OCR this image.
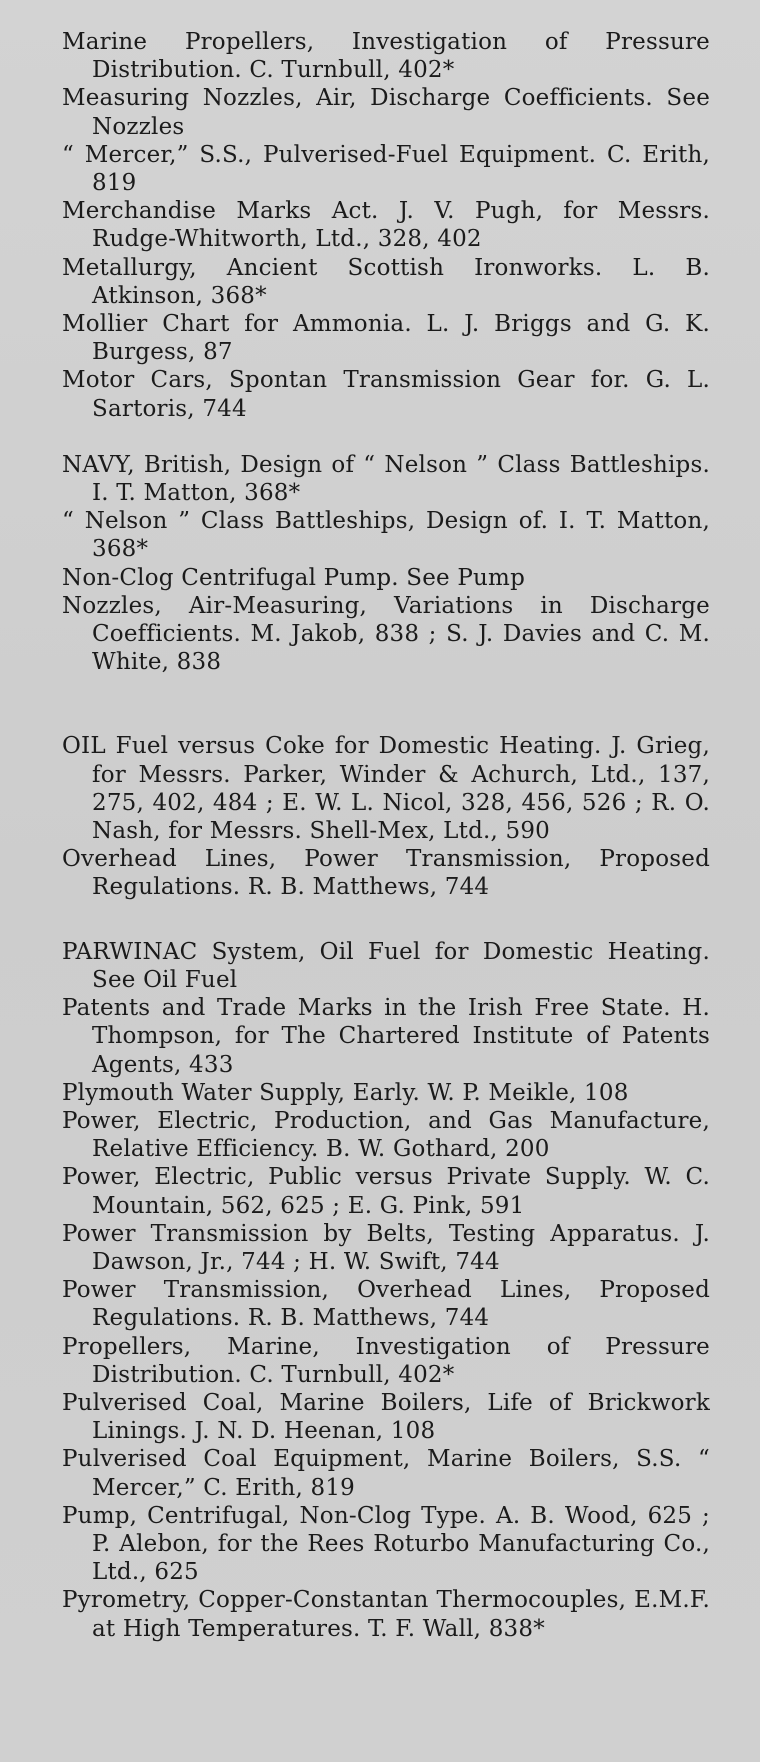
Marine Propellers, Investigation of Pressure Distribution. C. Turnbull, 402*
Measuring Nozzles, Air, Discharge Coefficients. See Nozzles
“ Mercer,” S.S., Pulverised-Fuel Equipment. C. Erith, 819
Merchandise Marks Act. J. V. Pugh, for Messrs. Rudge-Whitworth, Ltd., 328, 402
Metallurgy, Ancient Scottish Ironworks. L. B. Atkinson, 368*
Mollier Chart for Ammonia. L. J. Briggs and G. K. Burgess, 87
Motor Cars, Spontan Transmission Gear for. G. L. Sartoris, 744
NAVY, British, Design of “ Nelson ” Class Battleships. I. T. Matton, 368*
“ Nelson ” Class Battleships, Design of. I. T. Matton, 368*
Non-Clog Centrifugal Pump. See Pump
Nozzles, Air-Measuring, Variations in Discharge Coefficients. M. Jakob, 838 ; S. J. Davies and C. M. White, 838
OIL Fuel versus Coke for Domestic Heating. J. Grieg, for Messrs. Parker, Winder & Achurch, Ltd., 137, 275, 402, 484 ; E. W. L. Nicol, 328, 456, 526 ; R. O. Nash, for Messrs. Shell-Mex, Ltd., 590
Overhead Lines, Power Transmission, Proposed Regulations. R. B. Matthews, 744
PARWINAC System, Oil Fuel for Domestic Heating. See Oil Fuel
Patents and Trade Marks in the Irish Free State. H. Thompson, for The Chartered Institute of Patents Agents, 433
Plymouth Water Supply, Early. W. P. Meikle, 108
Power, Electric, Production, and Gas Manufacture, Relative Efficiency. B. W. Gothard, 200
Power, Electric, Public versus Private Supply. W. C. Mountain, 562, 625 ; E. G. Pink, 591
Power Transmission by Belts, Testing Apparatus. J. Dawson, Jr., 744 ; H. W. Swift, 744
Power Transmission, Overhead Lines, Proposed Regulations. R. B. Matthews, 744
Propellers, Marine, Investigation of Pressure Distribution. C. Turnbull, 402*
Pulverised Coal, Marine Boilers, Life of Brickwork Linings. J. N. D. Heenan, 108
Pulverised Coal Equipment, Marine Boilers, S.S. “ Mercer,” C. Erith, 819
Pump, Centrifugal, Non-Clog Type. A. B. Wood, 625 ; P. Alebon, for the Rees Roturbo Manufacturing Co., Ltd., 625
Pyrometry, Copper-Constantan Thermocouples, E.M.F. at High Temperatures. T. F. Wall, 838*
